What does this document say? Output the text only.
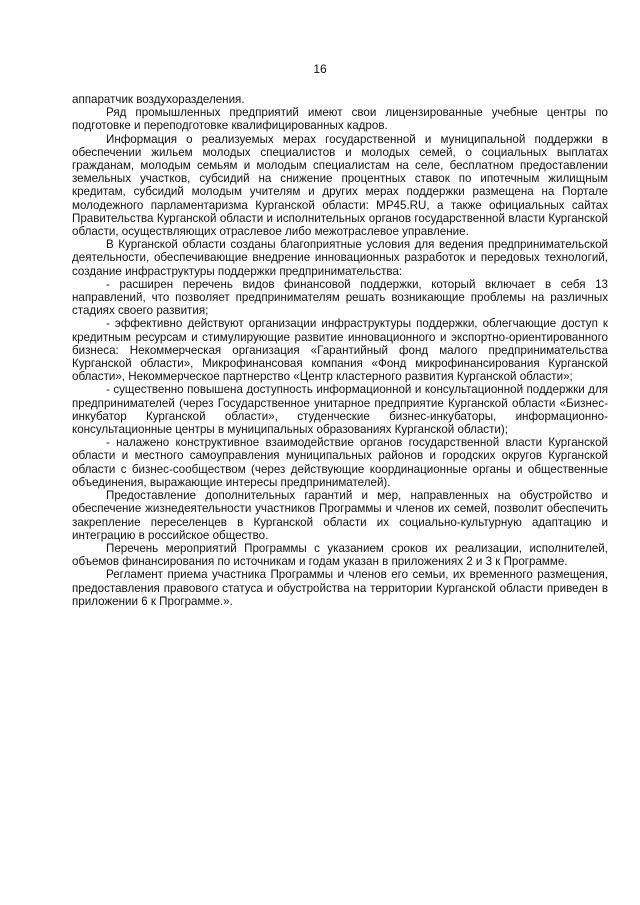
16

аппаратчик воздухоразделения.

Ряд промышленных предприятий имеют свои лицензированные учебные центры по подготовке и переподготовке квалифицированных кадров.

Информация о реализуемых мерах государственной и муниципальной поддержки в обеспечении жильем молодых специалистов и молодых семей, о социальных выплатах гражданам, молодым семьям и молодым специалистам на селе, бесплатном предоставлении земельных участков, субсидий на снижение процентных ставок по ипотечным жилищным кредитам, субсидий молодым учителям и других мерах поддержки размещена на Портале молодежного парламентаризма Курганской области: MP45.RU, а также официальных сайтах Правительства Курганской области и исполнительных органов государственной власти Курганской области, осуществляющих отраслевое либо межотраслевое управление.

В Курганской области созданы благоприятные условия для ведения предпринимательской деятельности, обеспечивающие внедрение инновационных разработок и передовых технологий, создание инфраструктуры поддержки предпринимательства:

- расширен перечень видов финансовой поддержки, который включает в себя 13 направлений, что позволяет предпринимателям решать возникающие проблемы на различных стадиях своего развития;

- эффективно действуют организации инфраструктуры поддержки, облегчающие доступ к кредитным ресурсам и стимулирующие развитие инновационного и экспортно-ориентированного бизнеса: Некоммерческая организация «Гарантийный фонд малого предпринимательства Курганской области», Микрофинансовая компания «Фонд микрофинансирования Курганской области», Некоммерческое партнерство «Центр кластерного развития Курганской области»;

- существенно повышена доступность информационной и консультационной поддержки для предпринимателей (через Государственное унитарное предприятие Курганской области «Бизнес-инкубатор Курганской области», студенческие бизнес-инкубаторы, информационно-консультационные центры в муниципальных образованиях Курганской области);

- налажено конструктивное взаимодействие органов государственной власти Курганской области и местного самоуправления муниципальных районов и городских округов Курганской области с бизнес-сообществом (через действующие координационные органы и общественные объединения, выражающие интересы предпринимателей).

Предоставление дополнительных гарантий и мер, направленных на обустройство и обеспечение жизнедеятельности участников Программы и членов их семей, позволит обеспечить закрепление переселенцев в Курганской области их социально-культурную адаптацию и интеграцию в российское общество.

Перечень мероприятий Программы с указанием сроков их реализации, исполнителей, объемов финансирования по источникам и годам указан в приложениях 2 и 3 к Программе.

Регламент приема участника Программы и членов его семьи, их временного размещения, предоставления правового статуса и обустройства на территории Курганской области приведен в приложении 6 к Программе.».
